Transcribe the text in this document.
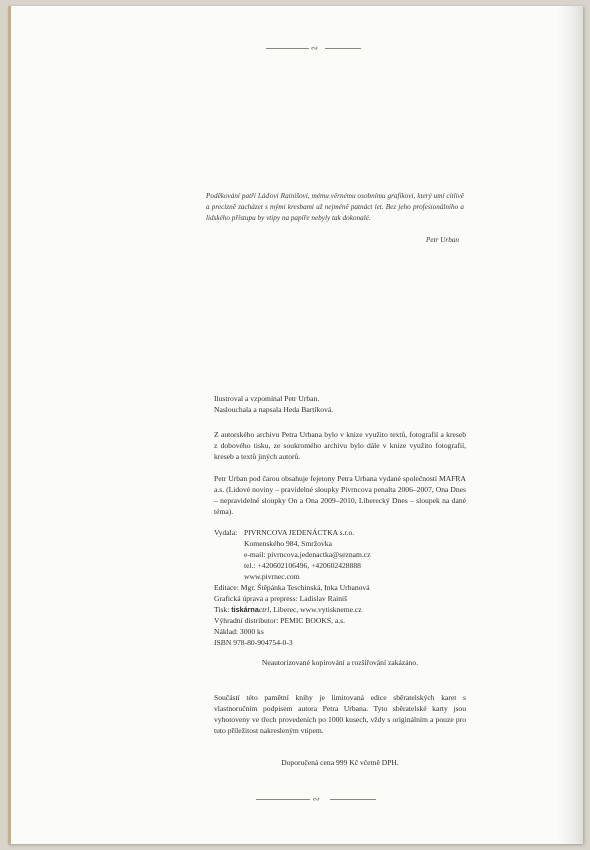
∾
Poděkování patří Láďovi Rainišovi, mému věrnému osobnímu grafikovi, který umí citlivě a precizně zacházet s mými kresbami už nejméně patnáct let. Bez jeho profesionálního a lidského přístupu by vtipy na papíře nebyly tak dokonalé.
Petr Urban
Ilustroval a vzpomínal Petr Urban.
Naslouchala a napsala Heda Bartíková.
Z autorského archivu Petra Urbana bylo v knize využito textů, fotografií a kreseb z dobového tisku, ze soukromého archivu bylo dále v knize využito fotografií, kreseb a textů jiných autorů.
Petr Urban pod čarou obsahuje fejetony Petra Urbana vydané společností MAFRA a.s. (Lidové noviny – pravidelné sloupky Pivrncova penalta 2006–2007, Ona Dnes – nepravidelné sloupky On a Ona 2009–2010, Liberecký Dnes – sloupek na dané téma).
Vydala: PIVRNCOVA JEDENÁCTKA s.r.o.
Komenského 984, Smržovka
e-mail: pivrncova.jedenactka@seznam.cz
tel.: +420602106496, +420602428888
www.pivrnec.com
Editace: Mgr. Štěpánka Teschinská, Inka Urbanová
Grafická úprava a prepress: Ladislav Rainiš
Tisk: tiskárnactrl, Liberec, www.vytiskneme.cz
Výhradní distributor: PEMIC BOOKS, a.s.
Náklad: 3000 ks
ISBN 978-80-904754-0-3
Neautorizované kopírování a rozšiřování zakázáno.
Součástí této pamětní knihy je limitovaná edice sběratelských karet s vlastnoručním podpisem autora Petra Urbana. Tyto sběratelské karty jsou vyhotoveny ve třech provedeních po 1000 kusech, vždy s originálním a pouze pro tuto příležitost nakresleným vtipem.
Doporučená cena 999 Kč včetně DPH.
∾
